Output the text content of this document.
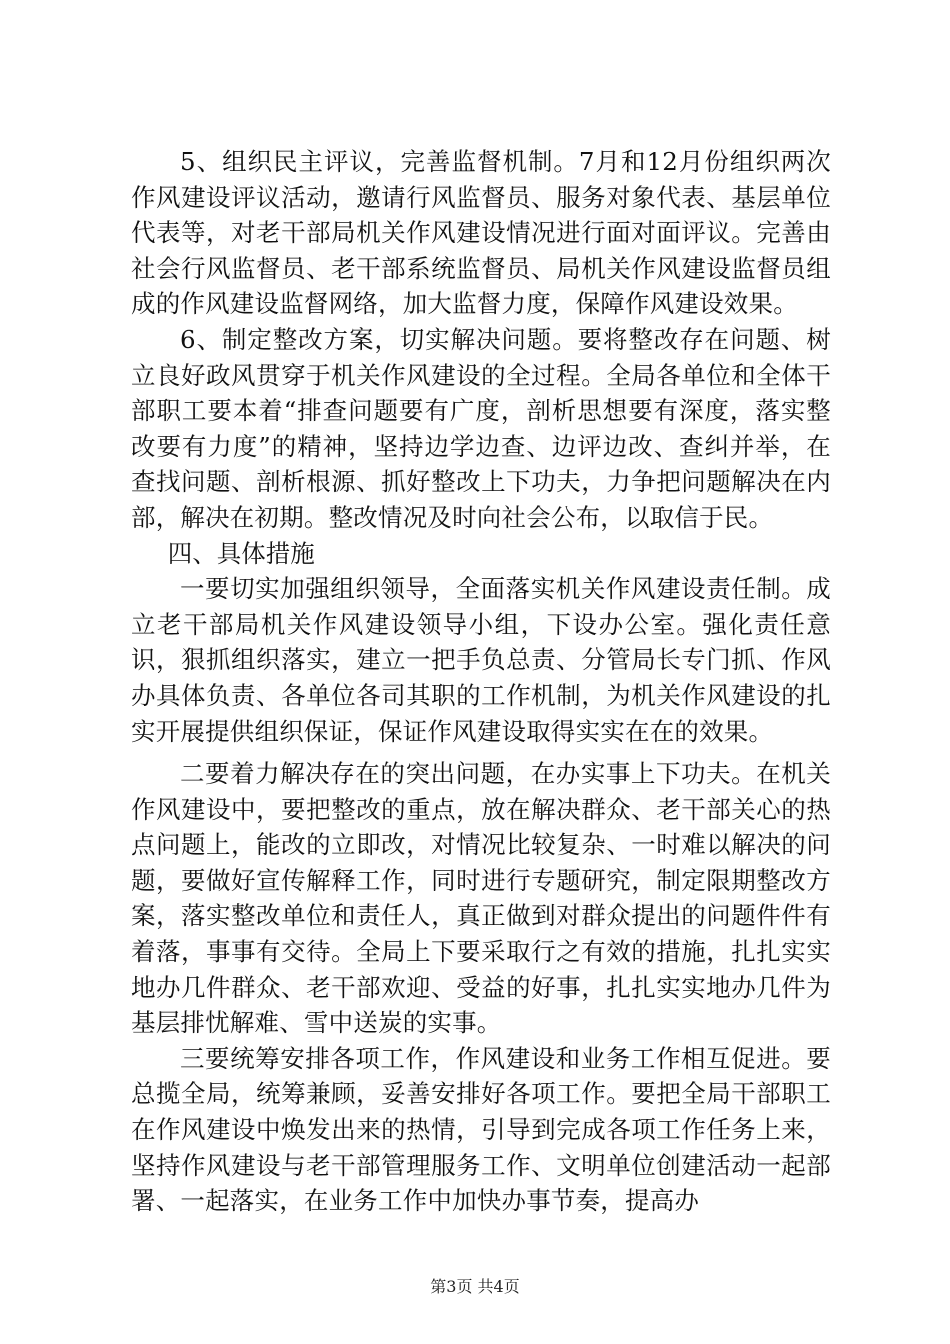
5、组织民主评议，完善监督机制。7月和12月份组织两次作风建设评议活动，邀请行风监督员、服务对象代表、基层单位代表等，对老干部局机关作风建设情况进行面对面评议。完善由社会行风监督员、老干部系统监督员、局机关作风建设监督员组成的作风建设监督网络，加大监督力度，保障作风建设效果。

6、制定整改方案，切实解决问题。要将整改存在问题、树立良好政风贯穿于机关作风建设的全过程。全局各单位和全体干部职工要本着“排查问题要有广度，剖析思想要有深度，落实整改要有力度”的精神，坚持边学边查、边评边改、查纠并举，在查找问题、剖析根源、抓好整改上下功夫，力争把问题解决在内部，解决在初期。整改情况及时向社会公布，以取信于民。

四、具体措施

一要切实加强组织领导，全面落实机关作风建设责任制。成立老干部局机关作风建设领导小组，下设办公室。强化责任意识，狠抓组织落实，建立一把手负总责、分管局长专门抓、作风办具体负责、各单位各司其职的工作机制，为机关作风建设的扎实开展提供组织保证，保证作风建设取得实实在在的效果。

二要着力解决存在的突出问题，在办实事上下功夫。在机关作风建设中，要把整改的重点，放在解决群众、老干部关心的热点问题上，能改的立即改，对情况比较复杂、一时难以解决的问题，要做好宣传解释工作，同时进行专题研究，制定限期整改方案，落实整改单位和责任人，真正做到对群众提出的问题件件有着落，事事有交待。全局上下要采取行之有效的措施，扎扎实实地办几件群众、老干部欢迎、受益的好事，扎扎实实地办几件为基层排忧解难、雪中送炭的实事。

三要统筹安排各项工作，作风建设和业务工作相互促进。要总揽全局，统筹兼顾，妥善安排好各项工作。要把全局干部职工在作风建设中焕发出来的热情，引导到完成各项工作任务上来，坚持作风建设与老干部管理服务工作、文明单位创建活动一起部署、一起落实，在业务工作中加快办事节奏，提高办

第3页 共4页
